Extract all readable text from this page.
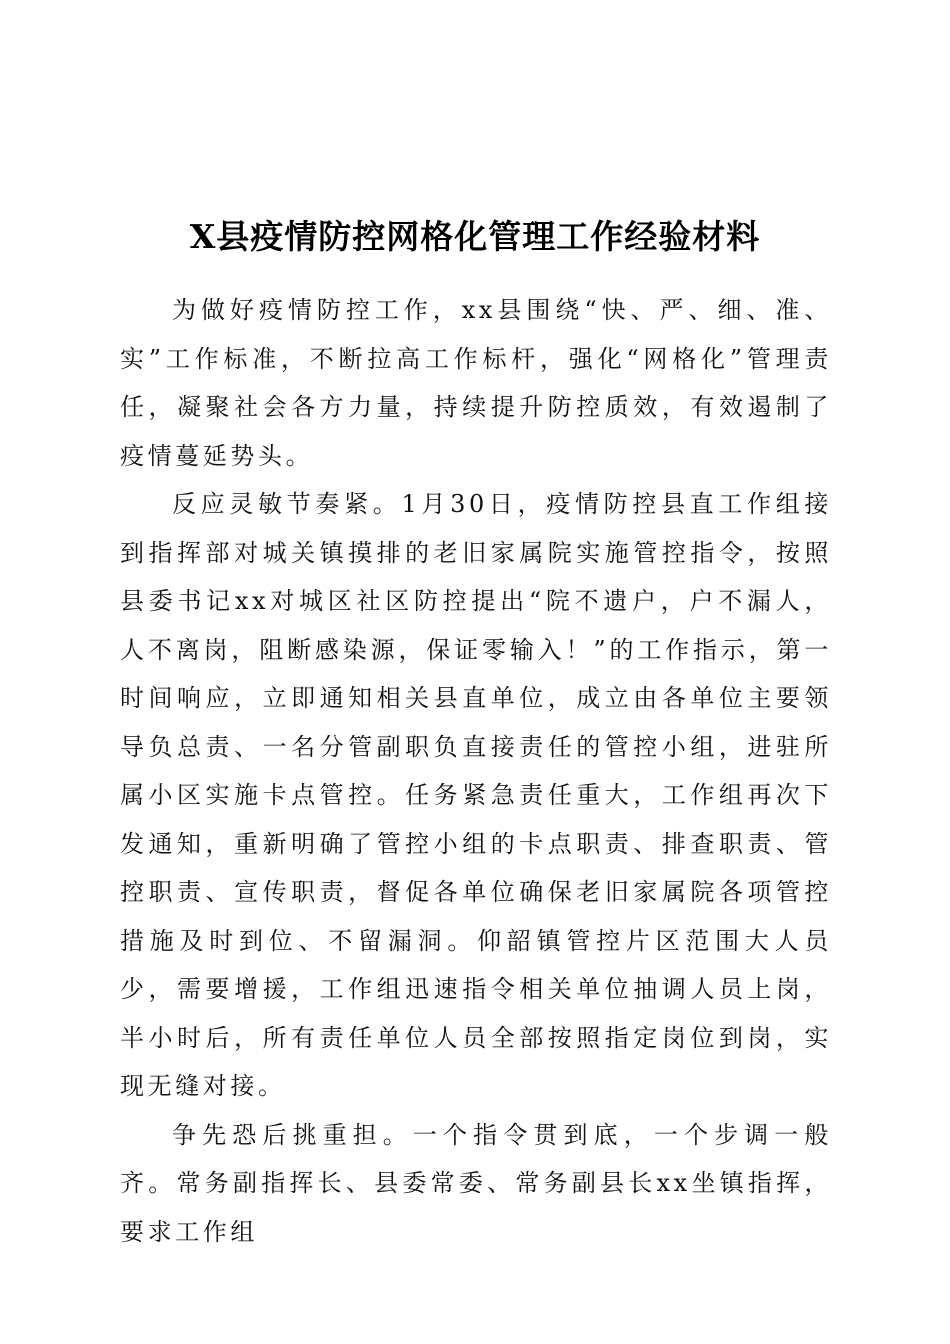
X县疫情防控网格化管理工作经验材料

为做好疫情防控工作，xx县围绕“快、严、细、准、实”工作标准，不断拉高工作标杆，强化“网格化”管理责任，凝聚社会各方力量，持续提升防控质效，有效遏制了疫情蔓延势头。

反应灵敏节奏紧。1月30日，疫情防控县直工作组接到指挥部对城关镇摸排的老旧家属院实施管控指令，按照县委书记xx对城区社区防控提出“院不遗户，户不漏人，人不离岗，阻断感染源，保证零输入！”的工作指示，第一时间响应，立即通知相关县直单位，成立由各单位主要领导负总责、一名分管副职负直接责任的管控小组，进驻所属小区实施卡点管控。任务紧急责任重大，工作组再次下发通知，重新明确了管控小组的卡点职责、排查职责、管控职责、宣传职责，督促各单位确保老旧家属院各项管控措施及时到位、不留漏洞。仰韶镇管控片区范围大人员少，需要增援，工作组迅速指令相关单位抽调人员上岗，半小时后，所有责任单位人员全部按照指定岗位到岗，实现无缝对接。

争先恐后挑重担。一个指令贯到底，一个步调一般齐。常务副指挥长、县委常委、常务副县长xx坐镇指挥，要求工作组
